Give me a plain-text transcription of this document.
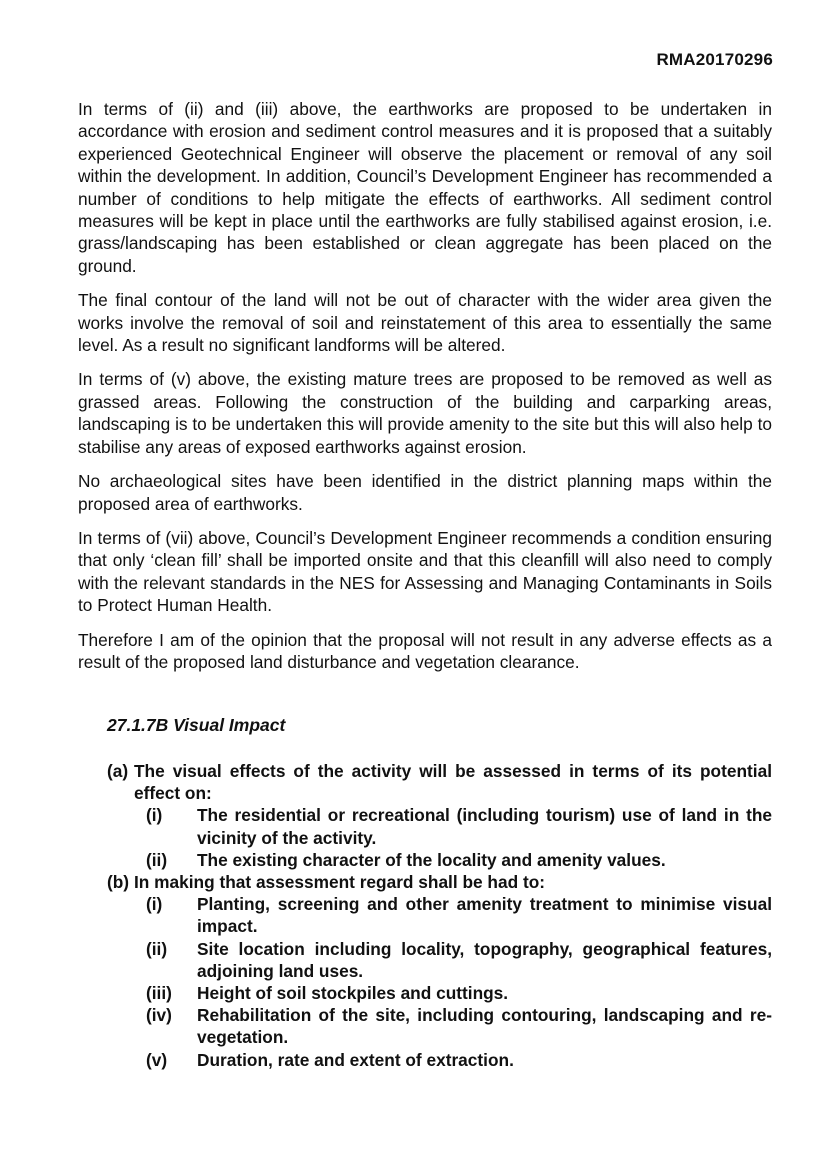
RMA20170296

In terms of (ii) and (iii) above, the earthworks are proposed to be undertaken in accordance with erosion and sediment control measures and it is proposed that a suitably experienced Geotechnical Engineer will observe the placement or removal of any soil within the development. In addition, Council’s Development Engineer has recommended a number of conditions to help mitigate the effects of earthworks. All sediment control measures will be kept in place until the earthworks are fully stabilised against erosion, i.e. grass/landscaping has been established or clean aggregate has been placed on the ground.

The final contour of the land will not be out of character with the wider area given the works involve the removal of soil and reinstatement of this area to essentially the same level. As a result no significant landforms will be altered.

In terms of (v) above, the existing mature trees are proposed to be removed as well as grassed areas. Following the construction of the building and carparking areas, landscaping is to be undertaken this will provide amenity to the site but this will also help to stabilise any areas of exposed earthworks against erosion.

No archaeological sites have been identified in the district planning maps within the proposed area of earthworks.

In terms of (vii) above, Council’s Development Engineer recommends a condition ensuring that only ‘clean fill’ shall be imported onsite and that this cleanfill will also need to comply with the relevant standards in the NES for Assessing and Managing Contaminants in Soils to Protect Human Health.

Therefore I am of the opinion that the proposal will not result in any adverse effects as a result of the proposed land disturbance and vegetation clearance.

27.1.7B Visual Impact
(a) The visual effects of the activity will be assessed in terms of its potential effect on:
(i) The residential or recreational (including tourism) use of land in the vicinity of the activity.
(ii) The existing character of the locality and amenity values.
(b) In making that assessment regard shall be had to:
(i) Planting, screening and other amenity treatment to minimise visual impact.
(ii) Site location including locality, topography, geographical features, adjoining land uses.
(iii) Height of soil stockpiles and cuttings.
(iv) Rehabilitation of the site, including contouring, landscaping and re-vegetation.
(v) Duration, rate and extent of extraction.
